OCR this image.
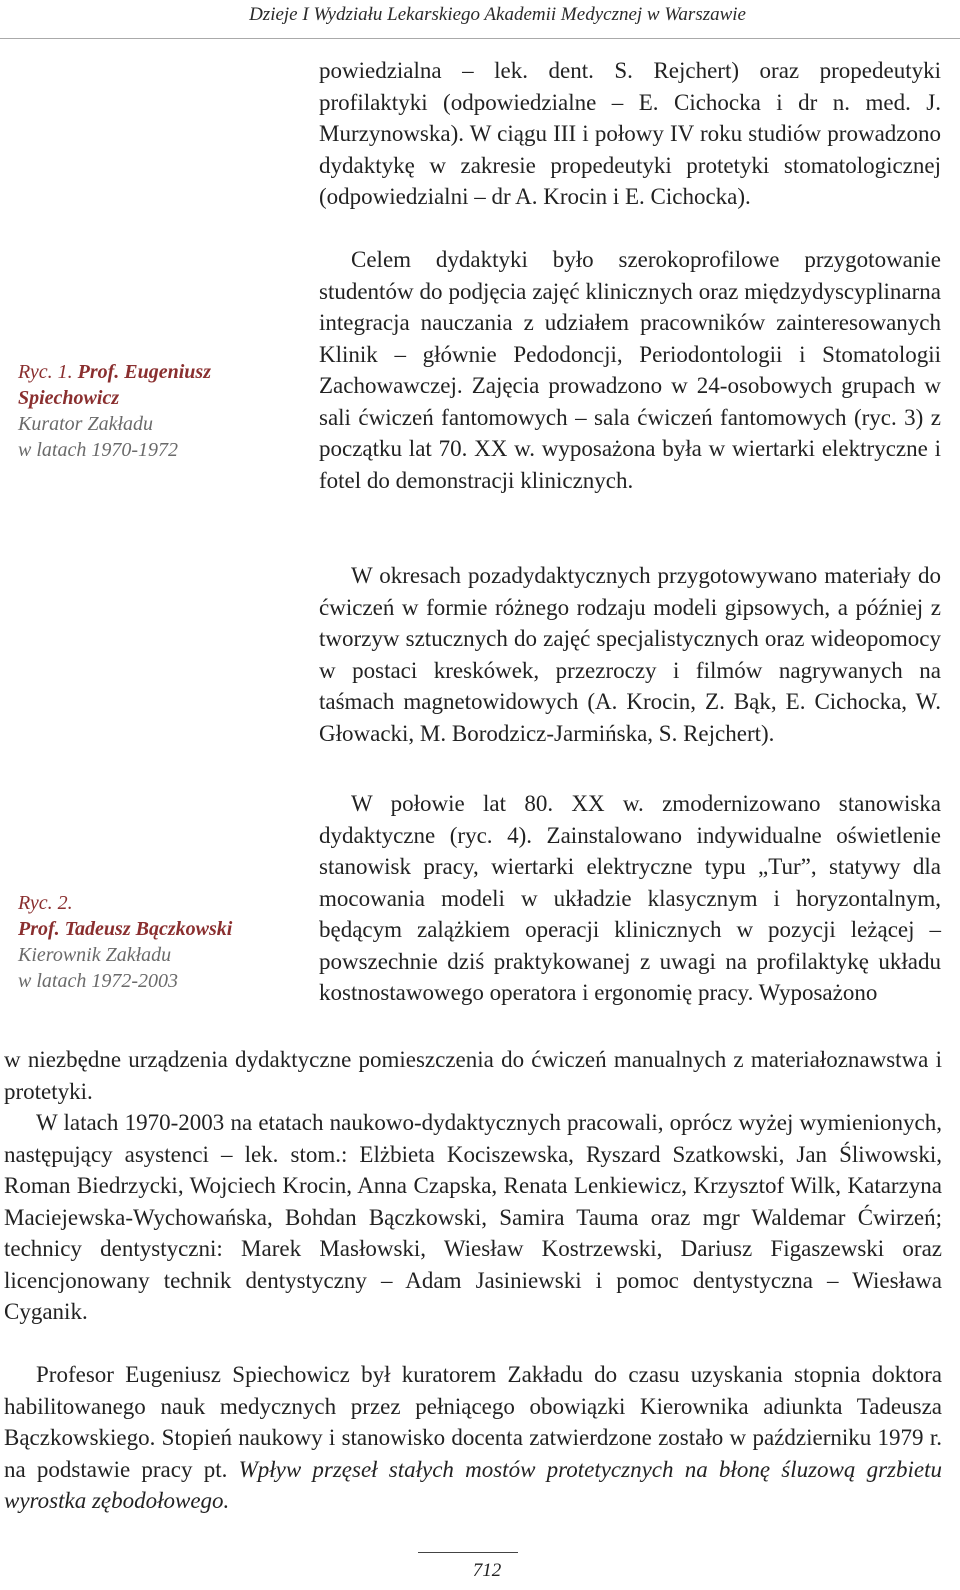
Dzieje I Wydziału Lekarskiego Akademii Medycznej w Warszawie
Ryc. 1. Prof. Eugeniusz
Spiechowicz
Kurator Zakładu
w latach 1970-1972
Ryc. 2.
Prof. Tadeusz Bączkowski
Kierownik Zakładu
w latach 1972-2003

powiedzialna – lek. dent. S. Rejchert) oraz propedeutyki profilaktyki (odpowiedzialne – E. Cichocka i dr n. med. J. Murzynowska). W ciągu III i połowy IV roku studiów prowadzono dydaktykę w zakresie propedeutyki protetyki stomatologicznej (odpowiedzialni – dr A. Krocin i E. Cichocka).

Celem dydaktyki było szerokoprofilowe przygotowanie studentów do podjęcia zajęć klinicznych oraz międzydyscyplinarna integracja nauczania z udziałem pracowników zainteresowanych Klinik – głównie Pedodoncji, Periodontologii i Stomatologii Zachowawczej. Zajęcia prowadzono w 24-osobowych grupach w sali ćwiczeń fantomowych – sala ćwiczeń fantomowych (ryc. 3) z początku lat 70. XX w. wyposażona była w wiertarki elektryczne i fotel do demonstracji klinicznych.

W okresach pozadydaktycznych przygotowywano materiały do ćwiczeń w formie różnego rodzaju modeli gipsowych, a później z tworzyw sztucznych do zajęć specjalistycznych oraz wideopomocy w postaci kreskówek, przezroczy i filmów nagrywanych na taśmach magnetowidowych (A. Krocin, Z. Bąk, E. Cichocka, W. Głowacki, M. Borodzicz-Jarmińska, S. Rejchert).

W połowie lat 80. XX w. zmodernizowano stanowiska dydaktyczne (ryc. 4). Zainstalowano indywidualne oświetlenie stanowisk pracy, wiertarki elektryczne typu „Tur”, statywy dla mocowania modeli w układzie klasycznym i horyzontalnym, będącym zalążkiem operacji klinicznych w pozycji leżącej – powszechnie dziś praktykowanej z uwagi na profilaktykę układu kostnostawowego operatora i ergonomię pracy. Wyposażono

w niezbędne urządzenia dydaktyczne pomieszczenia do ćwiczeń manualnych z materiałoznawstwa i protetyki.

W latach 1970-2003 na etatach naukowo-dydaktycznych pracowali, oprócz wyżej wymienionych, następujący asystenci – lek. stom.: Elżbieta Kociszewska, Ryszard Szatkowski, Jan Śliwowski, Roman Biedrzycki, Wojciech Krocin, Anna Czapska, Renata Lenkiewicz, Krzysztof Wilk, Katarzyna Maciejewska-Wychowańska, Bohdan Bączkowski, Samira Tauma oraz mgr Waldemar Ćwirzeń; technicy dentystyczni: Marek Masłowski, Wiesław Kostrzewski, Dariusz Figaszewski oraz licencjonowany technik dentystyczny – Adam Jasiniewski i pomoc dentystyczna – Wiesława Cyganik.

Profesor Eugeniusz Spiechowicz był kuratorem Zakładu do czasu uzyskania stopnia doktora habilitowanego nauk medycznych przez pełniącego obowiązki Kierownika adiunkta Tadeusza Bączkowskiego. Stopień naukowy i stanowisko docenta zatwierdzone zostało w październiku 1979 r. na podstawie pracy pt. Wpływ przęseł stałych mostów protetycznych na błonę śluzową grzbietu wyrostka zębodołowego.

712
